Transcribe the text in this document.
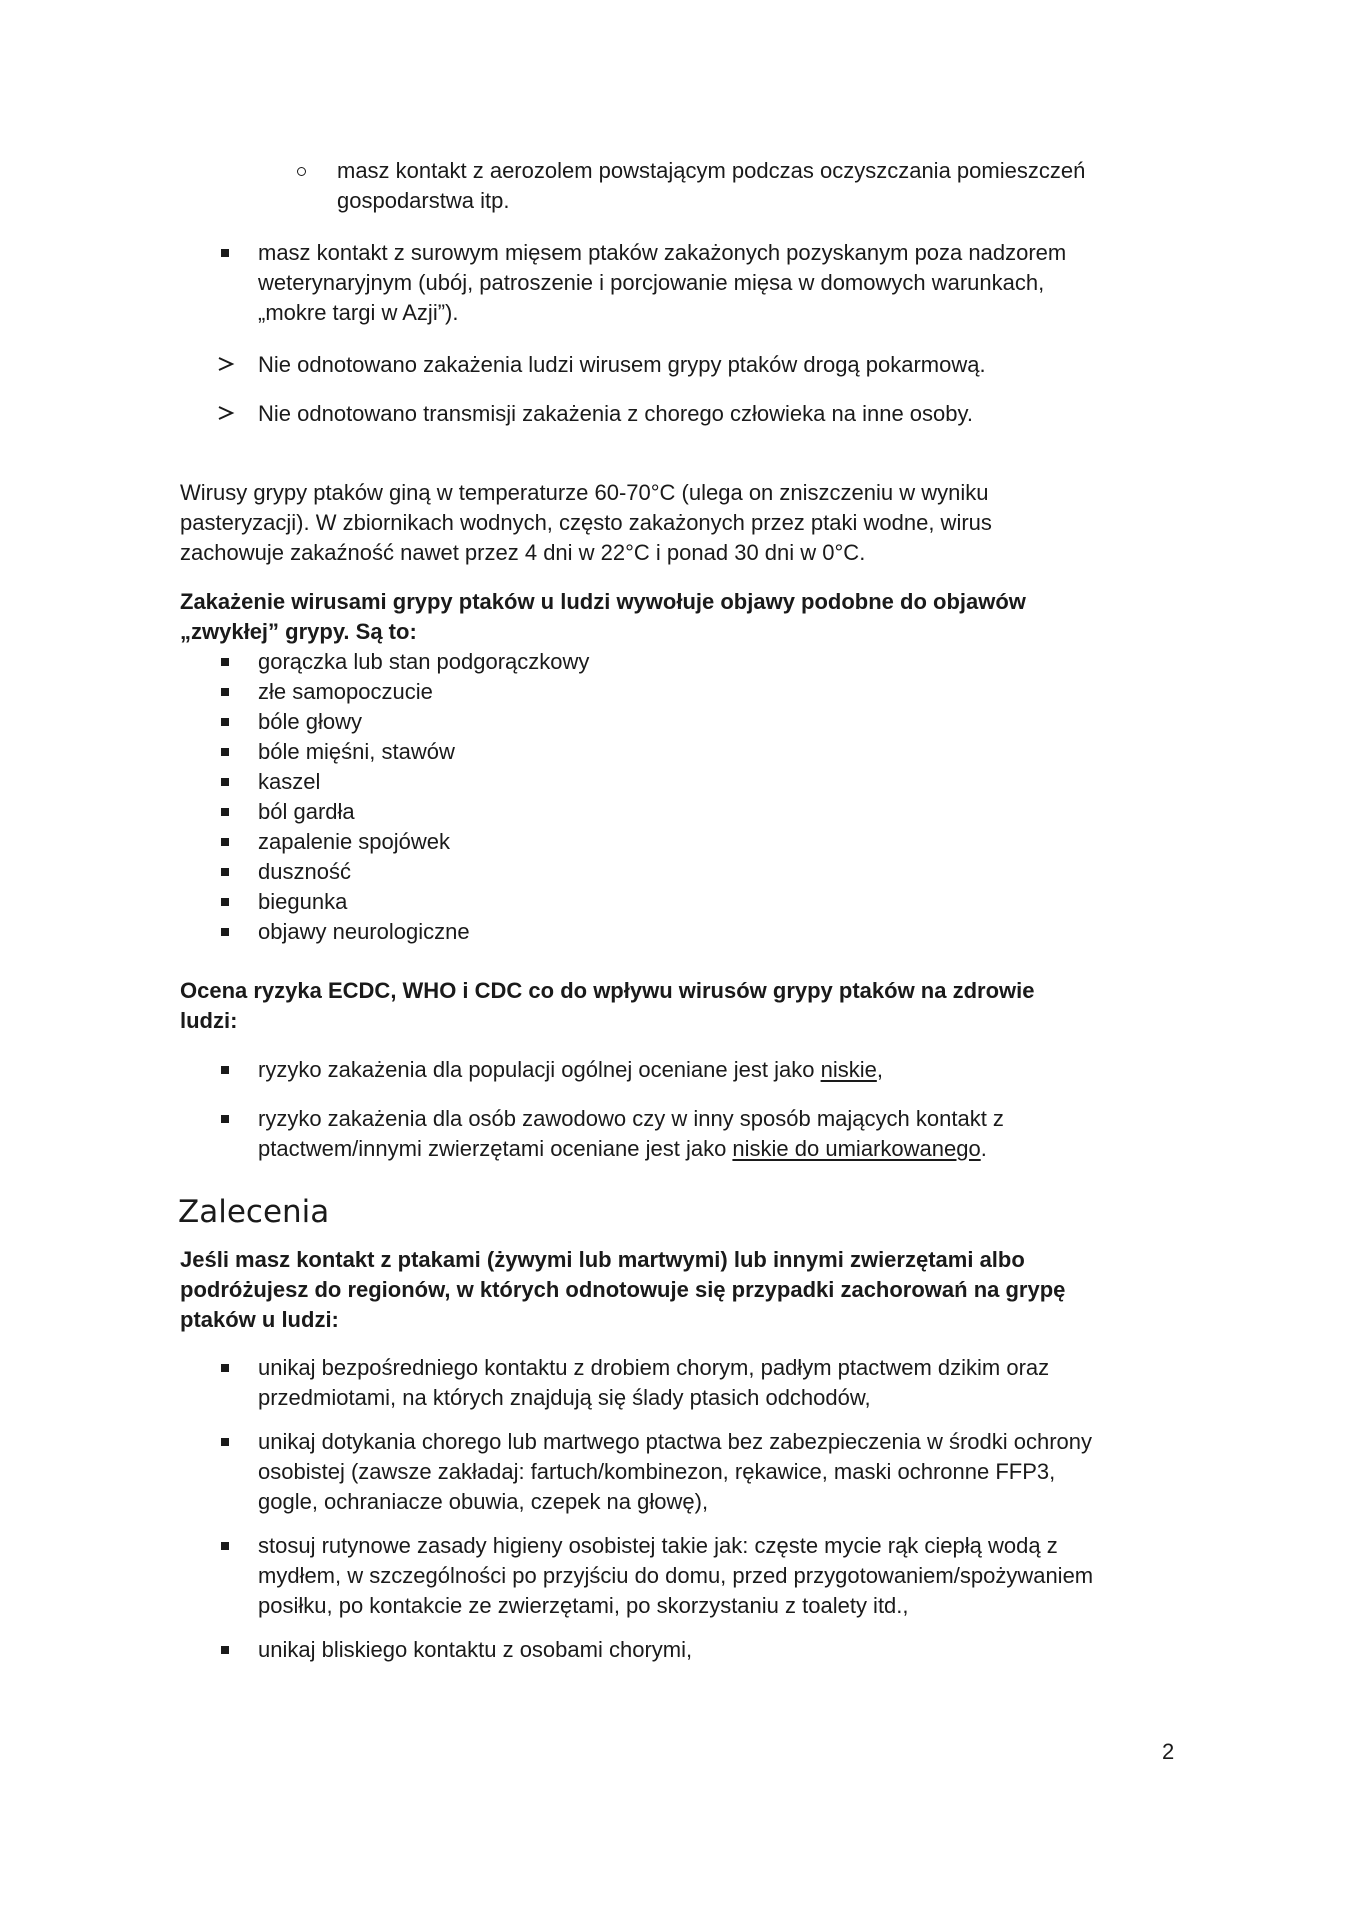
masz kontakt z aerozolem powstającym podczas oczyszczania pomieszczeń

gospodarstwa itp.

masz kontakt z surowym mięsem ptaków zakażonych pozyskanym poza nadzorem

weterynaryjnym (ubój, patroszenie i porcjowanie mięsa w domowych warunkach,

„mokre targi w Azji”).

Nie odnotowano zakażenia ludzi wirusem grypy ptaków drogą pokarmową.

Nie odnotowano transmisji zakażenia z chorego człowieka na inne osoby.

Wirusy grypy ptaków giną w temperaturze 60-70°C (ulega on zniszczeniu w wyniku

pasteryzacji). W zbiornikach wodnych, często zakażonych przez ptaki wodne, wirus

zachowuje zakaźność nawet przez 4 dni w 22°C i ponad 30 dni w 0°C.

Zakażenie wirusami grypy ptaków u ludzi wywołuje objawy podobne do objawów

„zwykłej” grypy. Są to:

gorączka lub stan podgorączkowy

złe samopoczucie

bóle głowy

bóle mięśni, stawów

kaszel

ból gardła

zapalenie spojówek

duszność

biegunka

objawy neurologiczne

Ocena ryzyka ECDC, WHO i CDC co do wpływu wirusów grypy ptaków na zdrowie

ludzi:

ryzyko zakażenia dla populacji ogólnej oceniane jest jako niskie,

ryzyko zakażenia dla osób zawodowo czy w inny sposób mających kontakt z

ptactwem/innymi zwierzętami oceniane jest jako niskie do umiarkowanego.

Zalecenia

Jeśli masz kontakt z ptakami (żywymi lub martwymi) lub innymi zwierzętami albo

podróżujesz do regionów, w których odnotowuje się przypadki zachorowań na grypę

ptaków u ludzi:

unikaj bezpośredniego kontaktu z drobiem chorym, padłym ptactwem dzikim oraz

przedmiotami, na których znajdują się ślady ptasich odchodów,

unikaj dotykania chorego lub martwego ptactwa bez zabezpieczenia w środki ochrony

osobistej (zawsze zakładaj: fartuch/kombinezon, rękawice, maski ochronne FFP3,

gogle, ochraniacze obuwia, czepek na głowę),

stosuj rutynowe zasady higieny osobistej takie jak: częste mycie rąk ciepłą wodą z

mydłem, w szczególności po przyjściu do domu, przed przygotowaniem/spożywaniem

posiłku, po kontakcie ze zwierzętami, po skorzystaniu z toalety itd.,

unikaj bliskiego kontaktu z osobami chorymi,

2
